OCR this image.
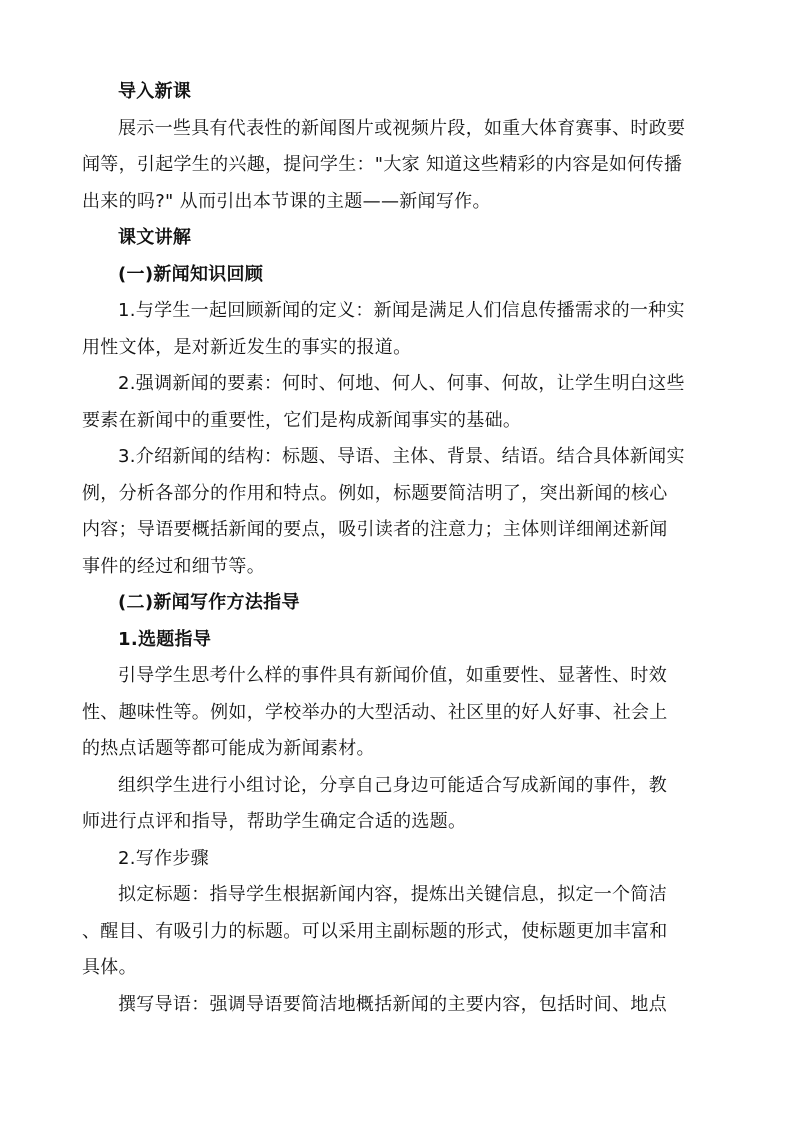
导入新课
展示一些具有代表性的新闻图片或视频片段，如重大体育赛事、时政要
闻等，引起学生的兴趣，提问学生："大家 知道这些精彩的内容是如何传播
出来的吗?" 从而引出本节课的主题——新闻写作。
课文讲解
(一)新闻知识回顾
1.与学生一起回顾新闻的定义：新闻是满足人们信息传播需求的一种实
用性文体，是对新近发生的事实的报道。
2.强调新闻的要素：何时、何地、何人、何事、何故，让学生明白这些
要素在新闻中的重要性，它们是构成新闻事实的基础。
3.介绍新闻的结构：标题、导语、主体、背景、结语。结合具体新闻实
例，分析各部分的作用和特点。例如，标题要简洁明了，突出新闻的核心
内容；导语要概括新闻的要点，吸引读者的注意力；主体则详细阐述新闻
事件的经过和细节等。
(二)新闻写作方法指导
1.选题指导
引导学生思考什么样的事件具有新闻价值，如重要性、显著性、时效
性、趣味性等。例如，学校举办的大型活动、社区里的好人好事、社会上
的热点话题等都可能成为新闻素材。
组织学生进行小组讨论，分享自己身边可能适合写成新闻的事件，教
师进行点评和指导，帮助学生确定合适的选题。
2.写作步骤
拟定标题：指导学生根据新闻内容，提炼出关键信息，拟定一个简洁
、醒目、有吸引力的标题。可以采用主副标题的形式，使标题更加丰富和
具体。
撰写导语：强调导语要简洁地概括新闻的主要内容，包括时间、地点
